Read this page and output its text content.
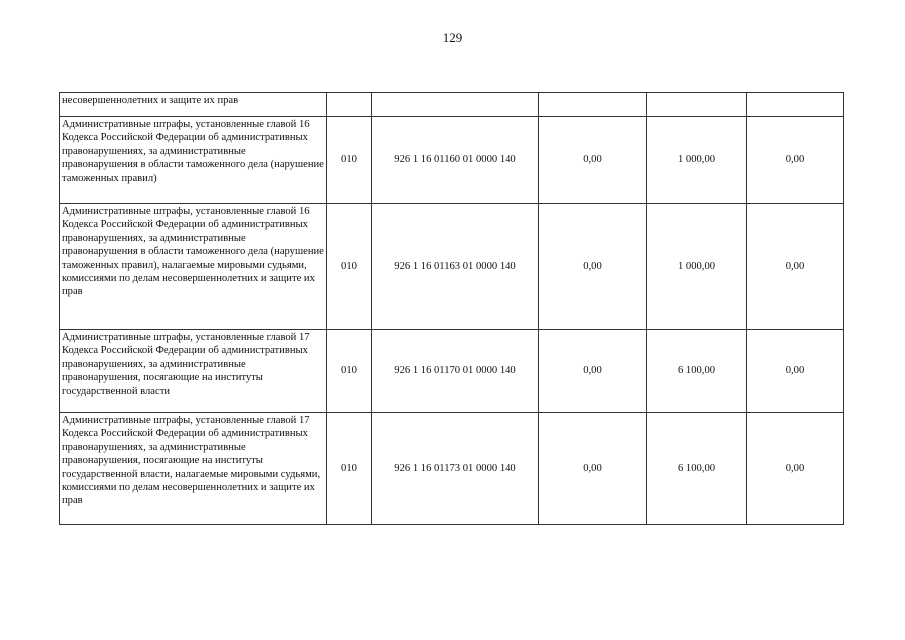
129
несовершеннолетних и защите их прав					

Административные штрафы, установленные главой 16 Кодекса Российской Федерации об административных правонарушениях, за административные правонарушения в области таможенного дела (нарушение таможенных правил)	010	926 1 16 01160 01 0000 140	0,00	1 000,00	0,00

Административные штрафы, установленные главой 16 Кодекса Российской Федерации об административных правонарушениях, за административные правонарушения в области таможенного дела (нарушение таможенных правил), налагаемые мировыми судьями, комиссиями по делам несовершеннолетних и защите их прав	010	926 1 16 01163 01 0000 140	0,00	1 000,00	0,00

Административные штрафы, установленные главой 17 Кодекса Российской Федерации об административных правонарушениях, за административные правонарушения, посягающие на институты государственной власти	010	926 1 16 01170 01 0000 140	0,00	6 100,00	0,00

Административные штрафы, установленные главой 17 Кодекса Российской Федерации об административных правонарушениях, за административные правонарушения, посягающие на институты государственной власти, налагаемые мировыми судьями, комиссиями по делам несовершеннолетних и защите их прав	010	926 1 16 01173 01 0000 140	0,00	6 100,00	0,00
